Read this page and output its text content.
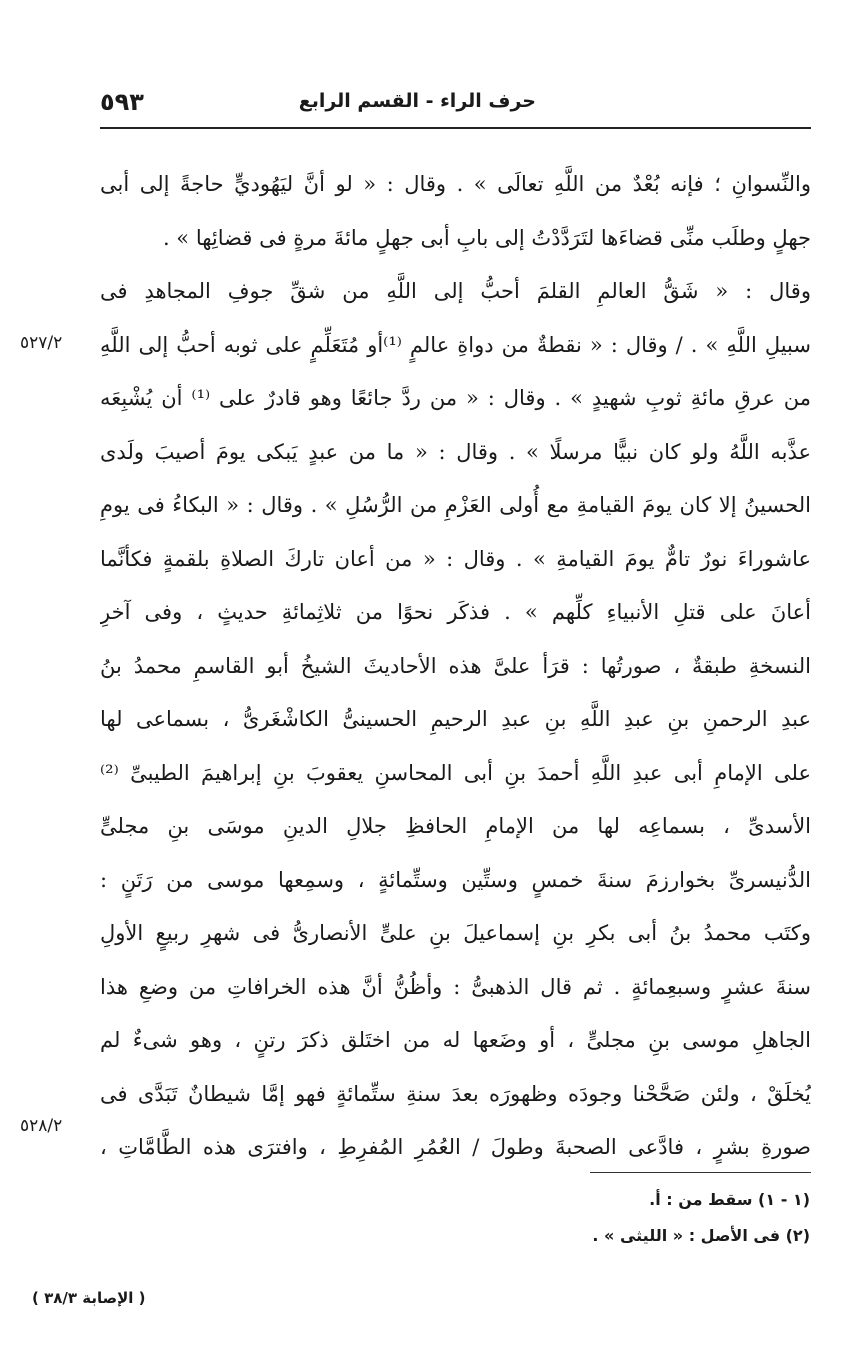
٥٩٣	حرف الراء - القسم الرابع
٥٢٧/٢
٥٢٨/٢
والنِّسوانِ ؛ فإنه بُعْدٌ من اللَّهِ تعالَى » . وقال : « لو أنَّ ليَهُوديٍّ حاجةً إلى أبى
جهلٍ وطلَب منِّى قضاءَها لتَرَدَّدْتُ إلى بابِ أبى جهلٍ مائةَ مرةٍ فى قضائِها » .
وقال : « شَقُّ العالمِ القلمَ أحبُّ إلى اللَّهِ من شقِّ جوفِ المجاهدِ فى
سبيلِ اللَّهِ » . / وقال : « نقطةٌ من دواةِ عالمٍ ⁽¹⁾أو مُتَعَلِّمٍ على ثوبه أحبُّ إلى اللَّهِ
من عرقِ مائةِ ثوبِ شهيدٍ » . وقال : « من ردَّ جائعًا وهو قادرٌ على ⁽¹⁾ أن يُشْبِعَه
عذَّبه اللَّهُ ولو كان نبيًّا مرسلًا » . وقال : « ما من عبدٍ يَبكى يومَ أصيبَ ولَدى
الحسينُ إلا كان يومَ القيامةِ مع أُولى العَزْمِ من الرُّسُلِ » . وقال : « البكاءُ فى يومِ
عاشوراءَ نورٌ تامٌّ يومَ القيامةِ » . وقال : « من أعان تاركَ الصلاةِ بلقمةٍ فكأنَّما
أعانَ على قتلِ الأنبياءِ كلِّهم » . فذكَر نحوًا من ثلاثِمائةِ حديثٍ ، وفى آخرِ
النسخةِ طبقةٌ ، صورتُها : قرَأ علىَّ هذه الأحاديثَ الشيخُ أبو القاسمِ محمدُ بنُ
عبدِ الرحمنِ بنِ عبدِ اللَّهِ بنِ عبدِ الرحيمِ الحسينىُّ الكاشْغَرىُّ ، بسماعى لها
على الإمامِ أبى عبدِ اللَّهِ أحمدَ بنِ أبى المحاسنِ يعقوبَ بنِ إبراهيمَ الطيبىِّ ⁽²⁾
الأسدىِّ ، بسماعِه لها من الإمامِ الحافظِ جلالِ الدينِ موسَى بنِ مجلىٍّ
الدُّنيسرىِّ بخوارزمَ سنةَ خمسٍ وستِّين وستِّمائةٍ ، وسمِعها موسى من رَتَنٍ :
وكتَب محمدُ بنُ أبى بكرِ بنِ إسماعيلَ بنِ علىٍّ الأنصارىُّ فى شهرِ ربيعٍ الأولِ
سنةَ عشرٍ وسبعِمائةٍ . ثم قال الذهبىُّ : وأظُنُّ أنَّ هذه الخرافاتِ من وضعِ هذا
الجاهلِ موسى بنِ مجلىٍّ ، أو وضَعها له من اختَلق ذكرَ رتنٍ ، وهو شىءٌ لم
يُخلَقْ ، ولئن صَحَّحْنا وجودَه وظهورَه بعدَ سنةِ ستِّمائةٍ فهو إمَّا شيطانٌ تَبَدَّى فى
صورةِ بشرٍ ، فادَّعى الصحبةَ وطولَ / العُمُرِ المُفرِطِ ، وافترَى هذه الطَّامَّاتِ ،
(١ - ١) سقط من : أ.
(٢) فى الأصل : « الليثى » .
( الإصابة ٣٨/٣ )
